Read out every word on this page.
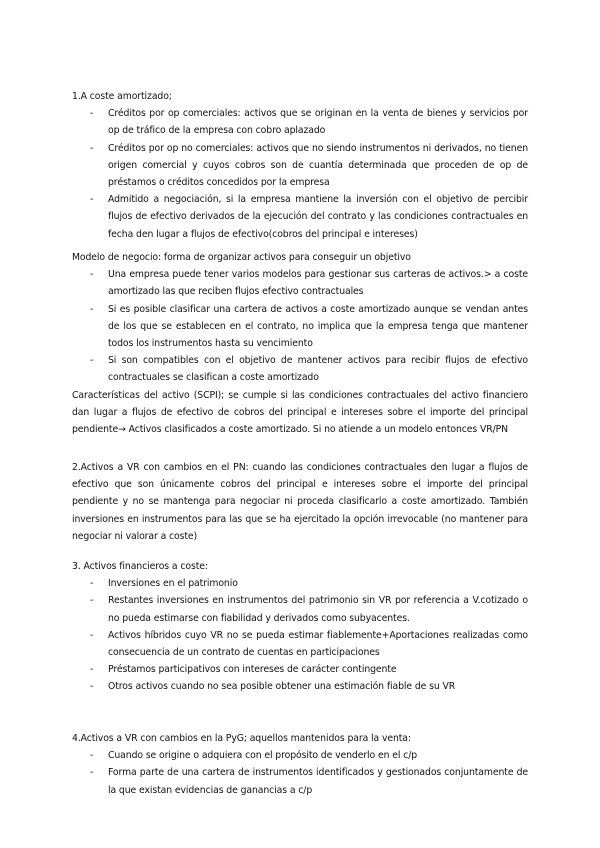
1.A coste amortizado;

- Créditos por op comerciales: activos que se originan en la venta de bienes y servicios por op de tráfico de la empresa con cobro aplazado
- Créditos por op no comerciales: activos que no siendo instrumentos ni derivados, no tienen origen comercial y cuyos cobros son de cuantía determinada que proceden de op de préstamos o créditos concedidos por la empresa
- Admitido a negociación, si la empresa mantiene la inversión con el objetivo de percibir flujos de efectivo derivados de la ejecución del contrato y las condiciones contractuales en fecha den lugar a flujos de efectivo(cobros del principal e intereses)

Modelo de negocio: forma de organizar activos para conseguir un objetivo

- Una empresa puede tener varios modelos para gestionar sus carteras de activos.> a coste amortizado las que reciben flujos efectivo contractuales
- Si es posible clasificar una cartera de activos a coste amortizado aunque se vendan antes de los que se establecen en el contrato, no implica que la empresa tenga que mantener todos los instrumentos hasta su vencimiento
- Si son compatibles con el objetivo de mantener activos para recibir flujos de efectivo contractuales se clasifican a coste amortizado

Características del activo (SCPI); se cumple si las condiciones contractuales del activo financiero dan lugar a flujos de efectivo de cobros del principal e intereses sobre el importe del principal pendiente→ Activos clasificados a coste amortizado. Si no atiende a un modelo entonces VR/PN

2.Activos a VR con cambios en el PN: cuando las condiciones contractuales den lugar a flujos de efectivo que son únicamente cobros del principal e intereses sobre el importe del principal pendiente y no se mantenga para negociar ni proceda clasificarlo a coste amortizado. También inversiones en instrumentos para las que se ha ejercitado la opción irrevocable (no mantener para negociar ni valorar a coste)

3. Activos financieros a coste:

- Inversiones en el patrimonio
- Restantes inversiones en instrumentos del patrimonio sin VR por referencia a V.cotizado o no pueda estimarse con fiabilidad y derivados como subyacentes.
- Activos híbridos cuyo VR no se pueda estimar fiablemente+Aportaciones realizadas como consecuencia de un contrato de cuentas en participaciones
- Préstamos participativos con intereses de carácter contingente
- Otros activos cuando no sea posible obtener una estimación fiable de su VR

4.Activos a VR con cambios en la PyG; aquellos mantenidos para la venta:

- Cuando se origine o adquiera con el propósito de venderlo en el c/p
- Forma parte de una cartera de instrumentos identificados y gestionados conjuntamente de la que existan evidencias de ganancias a c/p
